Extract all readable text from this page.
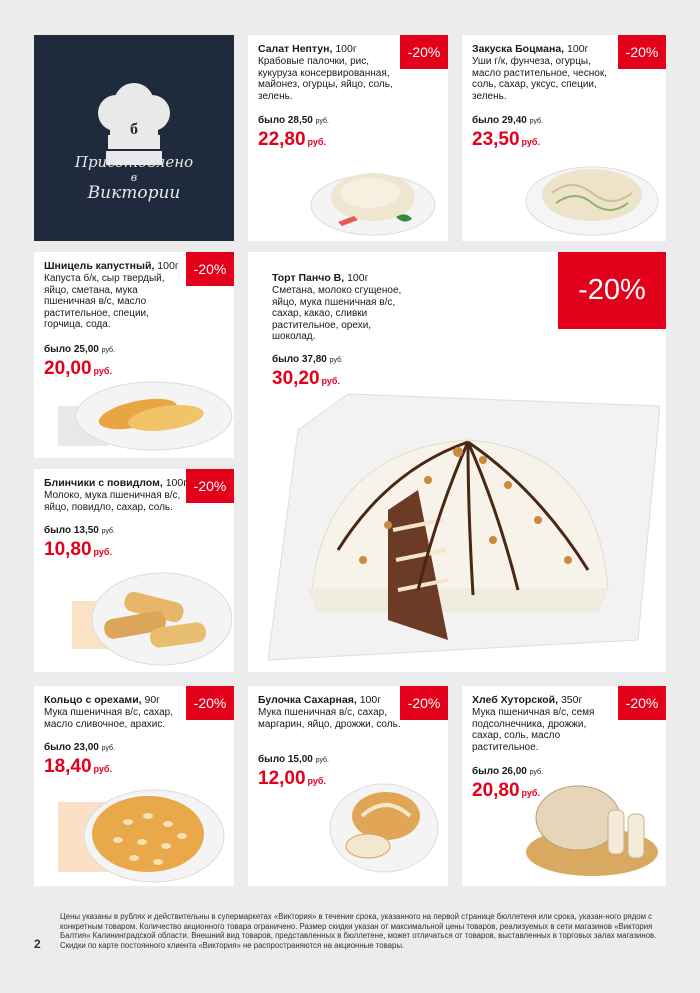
б
Приготовлено
в
Виктории
-20%
Салат Нептун, 100г
Крабовые палочки, рис, кукуруза консервированная, майонез, огурцы, яйцо, соль, зелень.
было 28,50 руб.
22,80 руб.
-20%
Закуска Боцмана, 100г
Уши г/к, фунчеза, огурцы, масло растительное, чеснок, соль, сахар, уксус, специи, зелень.
было 29,40 руб.
23,50 руб.
-20%
Шницель капустный, 100г
Капуста б/к, сыр твердый, яйцо, сметана, мука пшеничная в/с, масло растительное, специи, горчица, сода.
было 25,00 руб.
20,00 руб.
-20%
Торт Панчо В, 100г
Сметана, молоко сгущеное, яйцо, мука пшеничная в/с, сахар, какао, сливки растительное, орехи, шоколад.
было 37,80 руб.
30,20 руб.
-20%
Блинчики с повидлом, 100г
Молоко, мука пшеничная в/с, яйцо, повидло, сахар, соль.
было 13,50 руб.
10,80 руб.
-20%
Кольцо с орехами, 90г
Мука пшеничная в/с, сахар, масло сливочное, арахис.
было 23,00 руб.
18,40 руб.
-20%
Булочка Сахарная, 100г
Мука пшеничная в/с, сахар, маргарин, яйцо, дрожжи, соль.
было 15,00 руб.
12,00 руб.
-20%
Хлеб Хуторской, 350г
Мука пшеничная в/с, семя подсолнечника, дрожжи, сахар, соль, масло растительное.
было 26,00 руб.
20,80 руб.
Цены указаны в рублях и действительны в супермаркетах «Виктория» в течение срока, указанного на первой странице бюллетеня или срока, указан-ного рядом с конкретным товаром. Количество акционного товара ограничено. Размер скидки указан от максимальной цены товаров, реализуемых в сети магазинов «Виктория Балтия» Калининградской области. Внешний вид товаров, представленных в бюллетене, может отличаться от товаров, выставленных в торговых залах магазинов. Скидки по карте постоянного клиента «Виктория» не распространяются на акционные товары.
2
